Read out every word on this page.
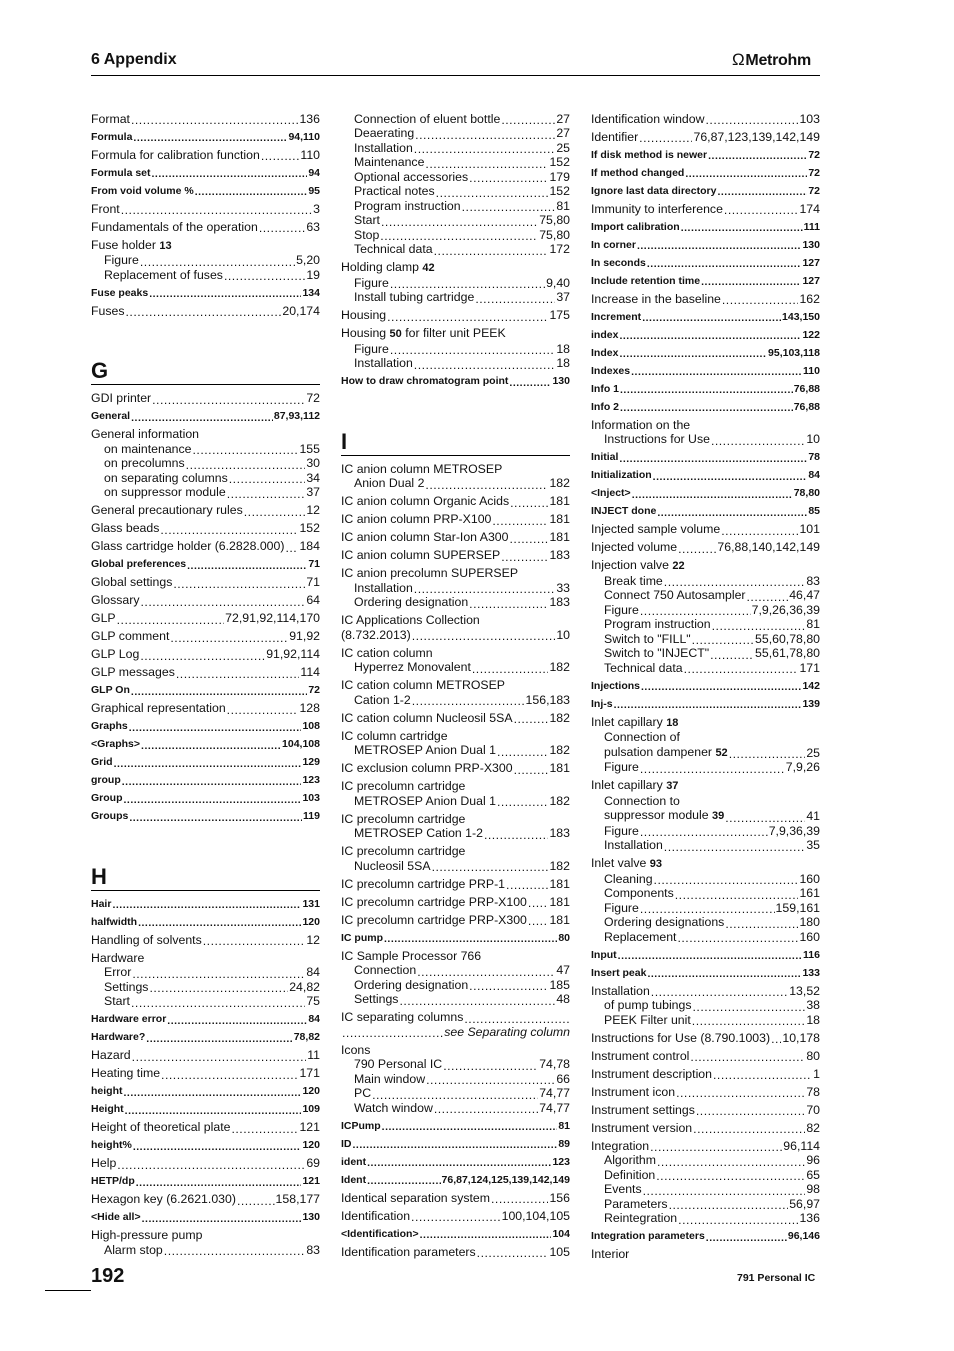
6 Appendix	ΩMetrohm
Format .....	136
Formula .....	94,110
Formula for calibration function .....	110
Formula set .....	94
From void volume % .....	95
Front .....	3
Fundamentals of the operation .....	63
Fuse holder 13
Figure .....	5,20
Replacement of fuses .....	19
Fuse peaks .....	134
Fuses .....	20,174
G
GDI printer .....	72
General .....	87,93,112
General information
on maintenance .....	155
on precolumns .....	30
on separating columns .....	34
on suppressor module .....	37
General precautionary rules .....	12
Glass beads .....	152
Glass cartridge holder (6.2828.000) ..... 184
Global preferences .....	71
Global settings .....	71
Glossary .....	64
GLP .....	72,91,92,114,170
GLP comment .....	91,92
GLP Log .....	91,92,114
GLP messages .....	114
GLP On .....	72
Graphical representation .....	128
Graphs .....	108
<Graphs> .....	104,108
Grid .....	129
group .....	123
Group .....	103
Groups .....	119
H
Hair .....	131
halfwidth .....	120
Handling of solvents .....	12
Hardware
Error .....	84
Settings .....	24,82
Start .....	75
Hardware error .....	84
Hardware? .....	78,82
Hazard .....	11
Heating time .....	171
height .....	120
Height .....	109
Height of theoretical plate .....	121
height% .....	120
Help .....	69
HETP/dp .....	121
Hexagon key (6.2621.030) .....	158,177
<Hide all> .....	130
High-pressure pump
Alarm stop .....	83
Connection of eluent bottle .....	27
Deaerating .....	27
Installation .....	25
Maintenance .....	152
Optional accessories .....	179
Practical notes .....	152
Program instruction .....	81
Start .....	75,80
Stop .....	75,80
Technical data .....	172
Holding clamp 42
Figure .....	9,40
Install tubing cartridge .....	37
Housing .....	175
Housing 50 for filter unit PEEK
Figure .....	18
Installation .....	18
How to draw chromatogram point .....	130
I
IC anion column METROSEP
Anion Dual 2 .....	182
IC anion column Organic Acids .....	181
IC anion column PRP-X100 .....	181
IC anion column Star-Ion A300 .....	181
IC anion column SUPERSEP .....	183
IC anion precolumn SUPERSEP
Installation .....	33
Ordering designation .....	183
IC Applications Collection
(8.732.2013) .....	10
IC cation column
Hyperrez Monovalent .....	182
IC cation column METROSEP
Cation 1-2 .....	156,183
IC cation column Nucleosil 5SA .....	182
IC column cartridge
METROSEP Anion Dual 1 .....	182
IC exclusion column PRP-X300 .....	181
IC precolumn cartridge
METROSEP Anion Dual 1 .....	182
IC precolumn cartridge
METROSEP Cation 1-2 .....	183
IC precolumn cartridge
Nucleosil 5SA .....	182
IC precolumn cartridge PRP-1 .....	181
IC precolumn cartridge PRP-X100 ..... 181
IC precolumn cartridge PRP-X300 ..... 181
IC pump .....	80
IC Sample Processor 766
Connection .....	47
Ordering designation .....	185
Settings .....	48
IC separating columns
.....
.....
see Separating column
Icons
790 Personal IC .....	74,78
Main window .....	66
PC .....	74,77
Watch window .....	74,77
ICPump .....	81
ID .....	89
ident .....	123
Ident .....	76,87,124,125,139,142,149
Identical separation system .....	156
Identification .....	100,104,105
<Identification> .....	104
Identification parameters .....	105
Identification window .....	103
Identifier .....	76,87,123,139,142,149
If disk method is newer .....	72
If method changed .....	72
Ignore last data directory .....	72
Immunity to interference .....	174
Import calibration .....	111
In corner .....	130
In seconds .....	127
Include retention time .....	127
Increase in the baseline .....	162
Increment .....	143,150
index .....	122
Index .....	95,103,118
Indexes .....	110
Info 1 .....	76,88
Info 2 .....	76,88
Information on the
Instructions for Use .....	10
Initial .....	78
Initialization .....	84
<Inject> .....	78,80
INJECT done .....	85
Injected sample volume .....	101
Injected volume .....	76,88,140,142,149
Injection valve 22
Break time .....	83
Connect 750 Autosampler .....	46,47
Figure .....	7,9,26,36,39
Program instruction .....	81
Switch to "FILL" .....	55,60,78,80
Switch to "INJECT" .....	55,61,78,80
Technical data .....	171
Injections .....	142
Inj-s .....	139
Inlet capillary 18
Connection of
pulsation dampener 52 .....	25
Figure .....	7,9,26
Inlet capillary 37
Connection to
suppressor module 39 .....	41
Figure .....	7,9,36,39
Installation .....	35
Inlet valve 93
Cleaning .....	160
Components .....	161
Figure .....	159,161
Ordering designations .....	180
Replacement .....	160
Input .....	116
Insert peak .....	133
Installation .....	13,52
of pump tubings .....	38
PEEK Filter unit .....	18
Instructions for Use (8.790.1003) ..... 10,178
Instrument control .....	80
Instrument description .....	1
Instrument icon .....	78
Instrument settings .....	70
Instrument version .....	82
Integration .....	96,114
Algorithm .....	96
Definition .....	65
Events .....	98
Parameters .....	56,97
Reintegration .....	136
Integration parameters .....	96,146
Interior
192	791 Personal IC
